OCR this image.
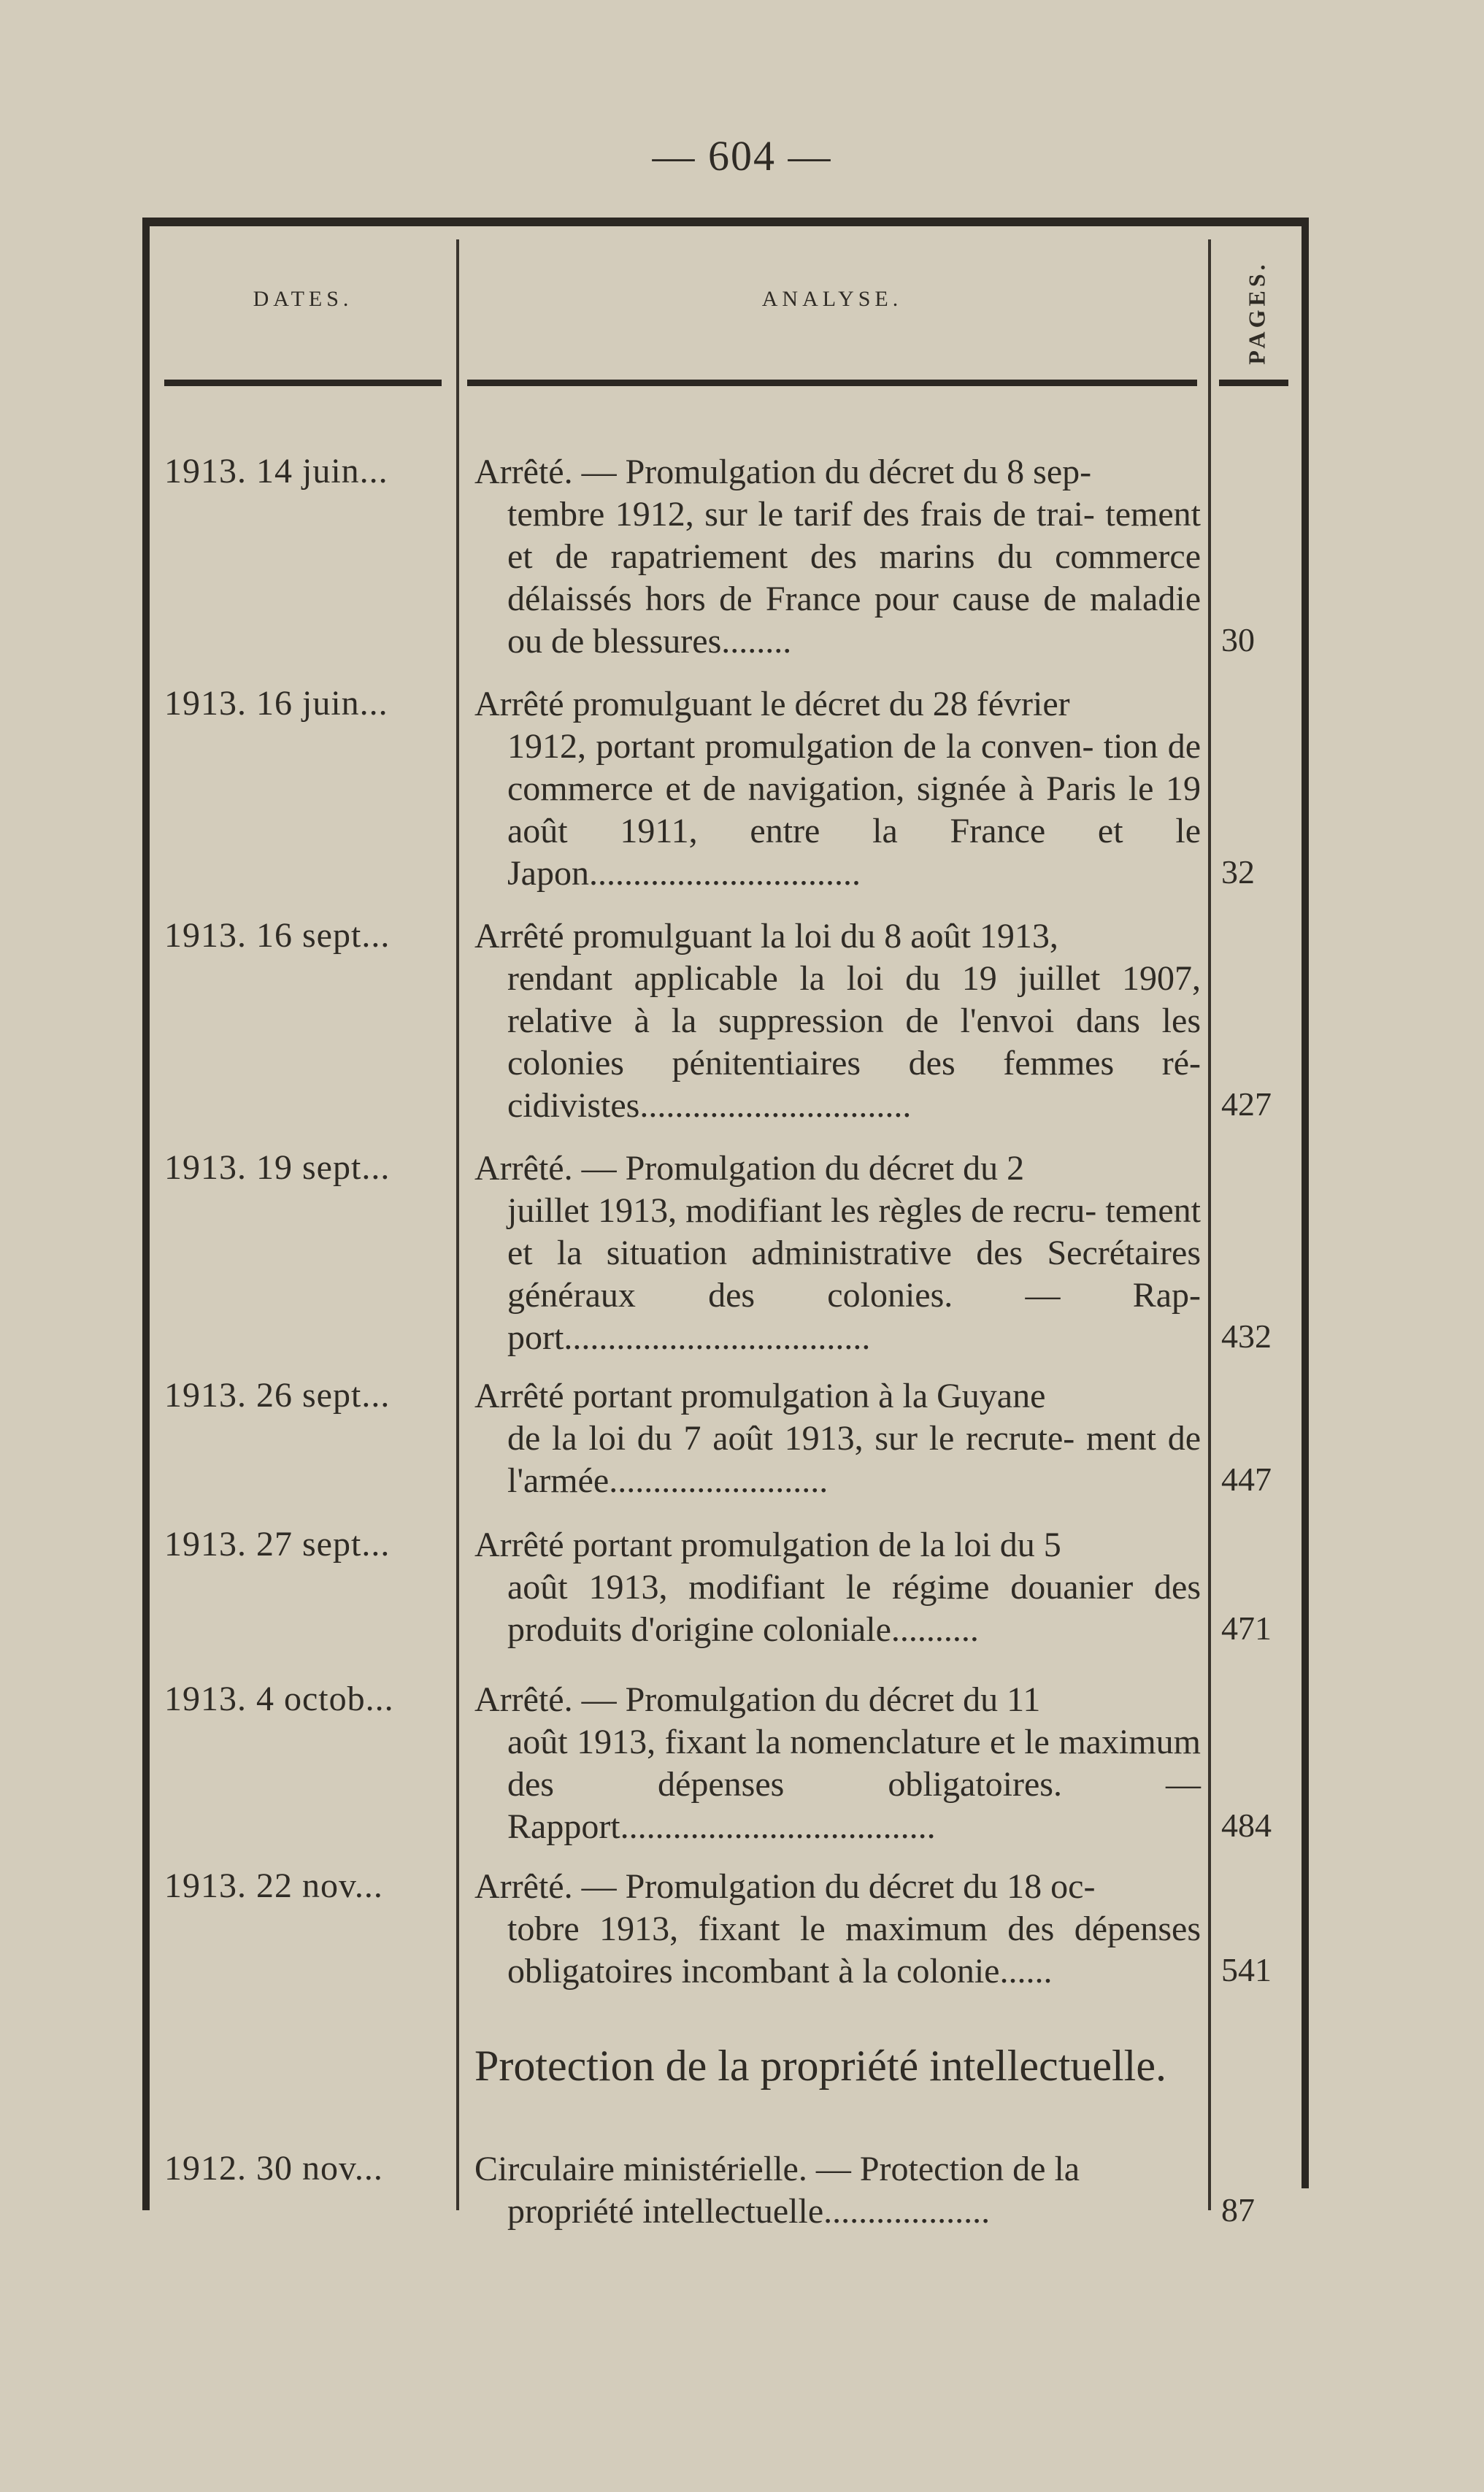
— 604 —
DATES.	ANALYSE.	PAGES.
1913. 14 juin...	Arrêté. — Promulgation du décret du 8 sep-
tembre 1912, sur le tarif des frais de trai- tement et de rapatriement des marins du commerce délaissés hors de France pour cause de maladie ou de blessures........	30
1913. 16 juin...	Arrêté promulguant le décret du 28 février
1912, portant promulgation de la conven- tion de commerce et de navigation, signée à Paris le 19 août 1911, entre la France et le Japon...............................	32
1913. 16 sept...	Arrêté promulguant la loi du 8 août 1913,
rendant applicable la loi du 19 juillet 1907, relative à la suppression de l'envoi dans les colonies pénitentiaires des femmes ré- cidivistes...............................	427
1913. 19 sept...	Arrêté. — Promulgation du décret du 2
juillet 1913, modifiant les règles de recru- tement et la situation administrative des Secrétaires généraux des colonies. — Rap- port...................................	432
1913. 26 sept...	Arrêté portant promulgation à la Guyane
de la loi du 7 août 1913, sur le recrute- ment de l'armée.........................	447
1913. 27 sept...	Arrêté portant promulgation de la loi du 5
août 1913, modifiant le régime douanier des produits d'origine coloniale..........	471
1913. 4 octob...	Arrêté. — Promulgation du décret du 11
août 1913, fixant la nomenclature et le maximum des dépenses obligatoires. — Rapport....................................	484
1913. 22 nov...	Arrêté. — Promulgation du décret du 18 oc-
tobre 1913, fixant le maximum des dépenses obligatoires incombant à la colonie......	541
Protection de la propriété intellectuelle.
1912. 30 nov...	Circulaire ministérielle. — Protection de la
propriété intellectuelle...................	87
